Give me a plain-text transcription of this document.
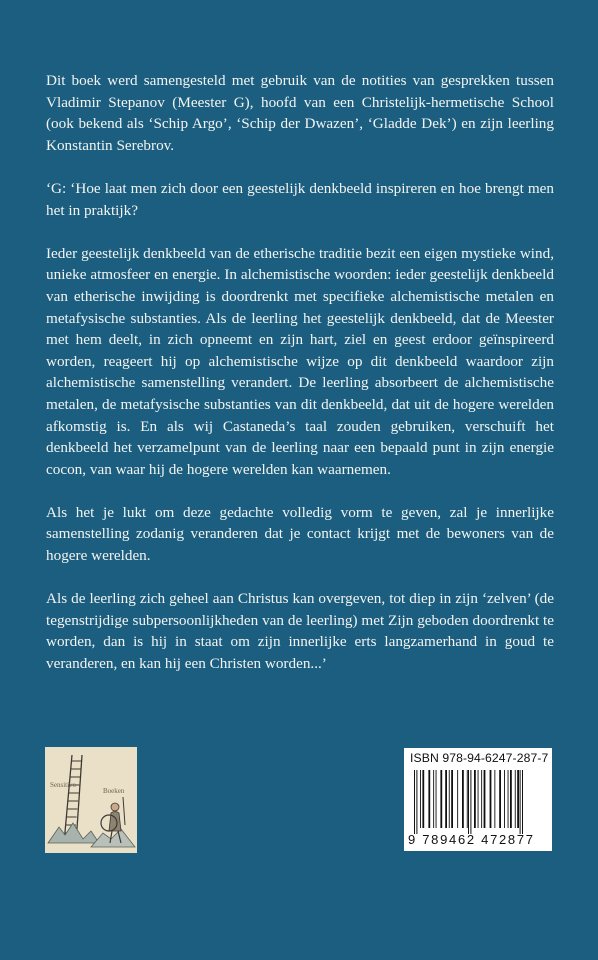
Dit boek werd samengesteld met gebruik van de notities van gesprekken tussen Vladimir Stepanov (Meester G), hoofd van een Christelijk-hermetische School (ook bekend als ‘Schip Argo’, ‘Schip der Dwazen’, ‘Gladde Dek’) en zijn leerling Konstantin Serebrov.

‘G: ‘Hoe laat men zich door een geestelijk denkbeeld inspireren en hoe brengt men het in praktijk?

Ieder geestelijk denkbeeld van de etherische traditie bezit een eigen mystieke wind, unieke atmosfeer en energie. In alchemistische woorden: ieder geestelijk denkbeeld van etherische inwijding is doordrenkt met specifieke alchemistische metalen en metafysische substanties. Als de leerling het geestelijk denkbeeld, dat de Meester met hem deelt, in zich opneemt en zijn hart, ziel en geest erdoor geïnspireerd worden, reageert hij op alchemistische wijze op dit denkbeeld waardoor zijn alchemistische samenstelling verandert. De leerling absorbeert de alchemistische metalen, de metafysische substanties van dit denkbeeld, dat uit de hogere werelden afkomstig is. En als wij Castaneda’s taal zouden gebruiken, verschuift het denkbeeld het verzamelpunt van de leerling naar een bepaald punt in zijn energie cocon, van waar hij de hogere werelden kan waarnemen.

Als het je lukt om deze gedachte volledig vorm te geven, zal je innerlijke samenstelling zodanig veranderen dat je contact krijgt met de bewoners van de hogere werelden.

Als de leerling zich geheel aan Christus kan overgeven, tot diep in zijn ‘zelven’ (de tegenstrijdige subpersoonlijkheden van de leerling) met Zijn geboden doordrenkt te worden, dan is hij in staat om zijn innerlijke erts langzamerhand in goud te veranderen, en kan hij een Christen worden...’

Sensitivo
Boeken
ISBN 978-94-6247-287-7
9 789462 472877
